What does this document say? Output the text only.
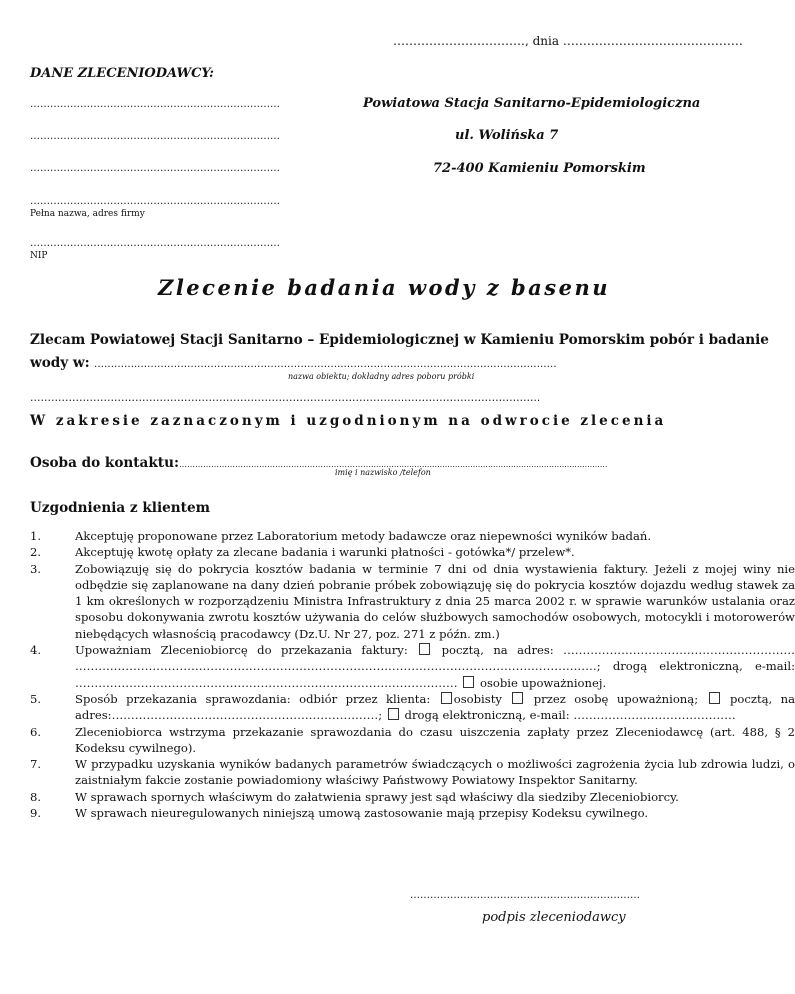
……………………………, dnia ………………………………………
DANE ZLECENIODAWCY:
…………………………………………………………………
…………………………………………………………………
…………………………………………………………………
…………………………………………………………………
Pełna nazwa, adres firmy
…………………………………………………………………
NIP
Powiatowa Stacja Sanitarno-Epidemiologiczna
ul. Wolińska 7
72-400 Kamieniu Pomorskim
Zlecenie badania wody z basenu
Zlecam Powiatowej Stacji Sanitarno – Epidemiologicznej w Kamieniu Pomorskim pobór i badanie
wody w: …………..…………………………………………………….…………….…………………………………………
nazwa obiektu; dokładny adres poboru próbki
……………………………………………………………………………………………..…………………………….…..
W zakresie zaznaczonym i uzgodnionym na odwrocie zlecenia
Osoba do kontaktu:……………………………………………………………….............................................................................................
imię i nazwisko /telefon
Uzgodnienia z klientem
1.	Akceptuję proponowane przez Laboratorium metody badawcze oraz niepewności wyników badań.
2.	Akceptuję kwotę opłaty za zlecane badania i warunki płatności - gotówka*/ przelew*.
3.	Zobowiązuję się do pokrycia kosztów badania w terminie 7 dni od dnia wystawienia faktury. Jeżeli z mojej winy nie odbędzie się zaplanowane na dany dzień pobranie próbek zobowiązuję się do pokrycia kosztów dojazdu według stawek za 1 km określonych w rozporządzeniu Ministra Infrastruktury z dnia 25 marca 2002 r. w sprawie warunków ustalania oraz sposobu dokonywania zwrotu kosztów używania do celów służbowych samochodów osobowych, motocykli i motorowerów niebędących własnością pracodawcy (Dz.U. Nr 27, poz. 271 z późn. zm.)
4.	Upoważniam Zleceniobiorcę do przekazania faktury:	pocztą, na adres: …………………………………………………… ………………………………………………………………………………………………………………………; drogą elektroniczną, e-mail: ……………………………………………………………………………………… osobie upoważnionej.
5.	Sposób przekazania sprawozdania: odbiór przez klienta: osobisty	przez osobę upoważnioną;	pocztą, na adres:……………………………………………………………; drogą elektroniczną, e-mail: ……………………………………
6.	Zleceniobiorca wstrzyma przekazanie sprawozdania do czasu uiszczenia zapłaty przez Zleceniodawcę (art. 488, § 2 Kodeksu cywilnego).
7.	W przypadku uzyskania wyników badanych parametrów świadczących o możliwości zagrożenia życia lub zdrowia ludzi, o zaistniałym fakcie zostanie powiadomiony właściwy Państwowy Powiatowy Inspektor Sanitarny.
8.	W sprawach spornych właściwym do załatwienia sprawy jest sąd właściwy dla siedziby Zleceniobiorcy.
9.	W sprawach nieuregulowanych niniejszą umową zastosowanie mają przepisy Kodeksu cywilnego.
……………………………………………………………
podpis zleceniodawcy
